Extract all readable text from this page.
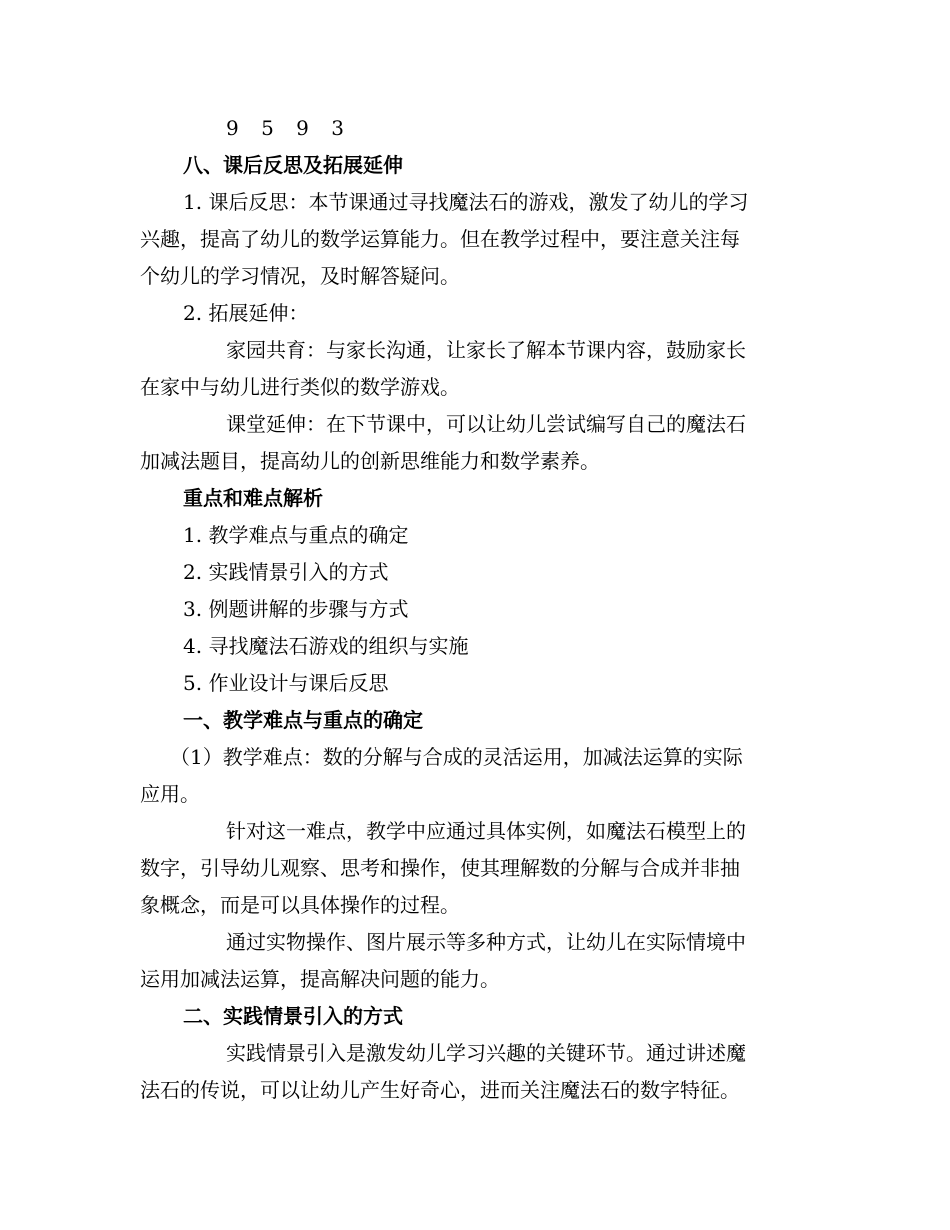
9 5 9 3
八、课后反思及拓展延伸
1. 课后反思：本节课通过寻找魔法石的游戏，激发了幼儿的学习
兴趣，提高了幼儿的数学运算能力。但在教学过程中，要注意关注每
个幼儿的学习情况，及时解答疑问。
2. 拓展延伸：
家园共育：与家长沟通，让家长了解本节课内容，鼓励家长
在家中与幼儿进行类似的数学游戏。
课堂延伸：在下节课中，可以让幼儿尝试编写自己的魔法石
加减法题目，提高幼儿的创新思维能力和数学素养。
重点和难点解析
1. 教学难点与重点的确定
2. 实践情景引入的方式
3. 例题讲解的步骤与方式
4. 寻找魔法石游戏的组织与实施
5. 作业设计与课后反思
一、教学难点与重点的确定
（1）教学难点：数的分解与合成的灵活运用，加减法运算的实际
应用。
针对这一难点，教学中应通过具体实例，如魔法石模型上的
数字，引导幼儿观察、思考和操作，使其理解数的分解与合成并非抽
象概念，而是可以具体操作的过程。
通过实物操作、图片展示等多种方式，让幼儿在实际情境中
运用加减法运算，提高解决问题的能力。
二、实践情景引入的方式
实践情景引入是激发幼儿学习兴趣的关键环节。通过讲述魔
法石的传说，可以让幼儿产生好奇心，进而关注魔法石的数字特征。
